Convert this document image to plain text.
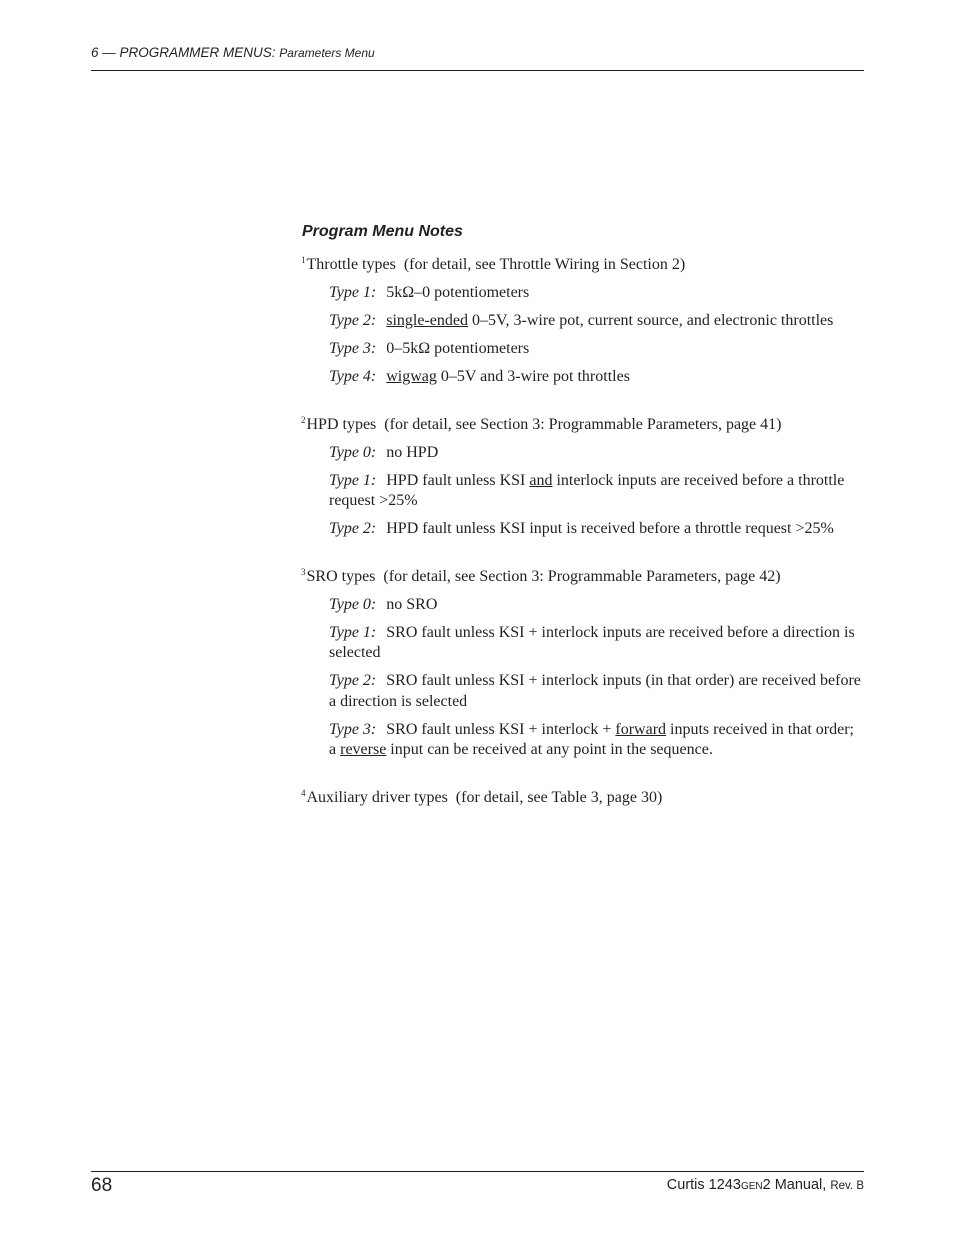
6 — PROGRAMMER MENUS: Parameters Menu
Program Menu Notes

$^1$Throttle types (for detail, see Throttle Wiring in Section 2)

Type 1: 5kΩ–0 potentiometers
Type 2: single-ended 0–5V, 3-wire pot, current source, and electronic throttles
Type 3: 0–5kΩ potentiometers
Type 4: wigwag 0–5V and 3-wire pot throttles

$^2$HPD types (for detail, see Section 3: Programmable Parameters, page 41)

Type 0: no HPD
Type 1: HPD fault unless KSI and interlock inputs are received before a throttle request >25%
Type 2: HPD fault unless KSI input is received before a throttle request >25%

$^3$SRO types (for detail, see Section 3: Programmable Parameters, page 42)

Type 0: no SRO
Type 1: SRO fault unless KSI + interlock inputs are received before a direction is selected
Type 2: SRO fault unless KSI + interlock inputs (in that order) are received before a direction is selected
Type 3: SRO fault unless KSI + interlock + forward inputs received in that order; a reverse input can be received at any point in the sequence.

$^4$Auxiliary driver types (for detail, see Table 3, page 30)

68	Curtis 1243GEN2 Manual, Rev. B
